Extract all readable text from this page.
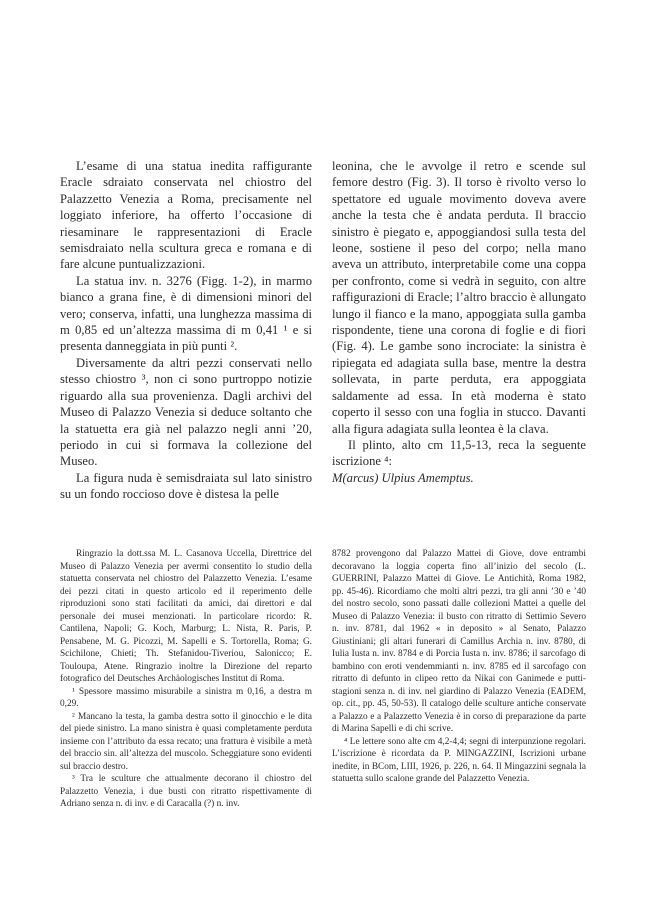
L’esame di una statua inedita raffigurante Eracle sdraiato conservata nel chiostro del Palazzetto Venezia a Roma, precisamente nel loggiato inferiore, ha offerto l’occasione di riesaminare le rappresentazioni di Eracle semisdraiato nella scultura greca e romana e di fare alcune puntualizzazioni.

La statua inv. n. 3276 (Figg. 1-2), in marmo bianco a grana fine, è di dimensioni minori del vero; conserva, infatti, una lunghezza massima di m 0,85 ed un’altezza massima di m 0,41 ¹ e si presenta danneggiata in più punti ².

Diversamente da altri pezzi conservati nello stesso chiostro ³, non ci sono purtroppo notizie riguardo alla sua provenienza. Dagli archivi del Museo di Palazzo Venezia si deduce soltanto che la statuetta era già nel palazzo negli anni ’20, periodo in cui si formava la collezione del Museo.

La figura nuda è semisdraiata sul lato sinistro su un fondo roccioso dove è distesa la pelle

leonina, che le avvolge il retro e scende sul femore destro (Fig. 3). Il torso è rivolto verso lo spettatore ed uguale movimento doveva avere anche la testa che è andata perduta. Il braccio sinistro è piegato e, appoggiandosi sulla testa del leone, sostiene il peso del corpo; nella mano aveva un attributo, interpretabile come una coppa per confronto, come si vedrà in seguito, con altre raffigurazioni di Eracle; l’altro braccio è allungato lungo il fianco e la mano, appoggiata sulla gamba rispondente, tiene una corona di foglie e di fiori (Fig. 4). Le gambe sono incrociate: la sinistra è ripiegata ed adagiata sulla base, mentre la destra sollevata, in parte perduta, era appoggiata saldamente ad essa. In età moderna è stato coperto il sesso con una foglia in stucco. Davanti alla figura adagiata sulla leontea è la clava.

Il plinto, alto cm 11,5-13, reca la seguente iscrizione ⁴:

M(arcus) Ulpius Amemptus.

Ringrazio la dott.ssa M. L. Casanova Uccella, Direttrice del Museo di Palazzo Venezia per avermi consentito lo studio della statuetta conservata nel chiostro del Palazzetto Venezia. L’esame dei pezzi citati in questo articolo ed il reperimento delle riproduzioni sono stati facilitati da amici, dai direttori e dal personale dei musei menzionati. In particolare ricordo: R. Cantilena, Napoli; G. Koch, Marburg; L. Nista, R. Paris, P. Pensabene, M. G. Picozzi, M. Sapelli e S. Tortorella, Roma; G. Scichilone, Chieti; Th. Stefanidou-Tiveriou, Salonicco; E. Touloupa, Atene. Ringrazio inoltre la Direzione del reparto fotografico del Deutsches Archäologisches Institut di Roma.

¹ Spessore massimo misurabile a sinistra m 0,16, a destra m 0,29.

² Mancano la testa, la gamba destra sotto il ginocchio e le dita del piede sinistro. La mano sinistra è quasi completamente perduta insieme con l’attributo da essa recato; una frattura è visibile a metà del braccio sin. all’altezza del muscolo. Scheggiature sono evidenti sul braccio destro.

³ Tra le sculture che attualmente decorano il chiostro del Palazzetto Venezia, i due busti con ritratto rispettivamente di Adriano senza n. di inv. e di Caracalla (?) n. inv.

8782 provengono dal Palazzo Mattei di Giove, dove entrambi decoravano la loggia coperta fino all’inizio del secolo (L. GUERRINI, Palazzo Mattei di Giove. Le Antichità, Roma 1982, pp. 45-46). Ricordiamo che molti altri pezzi, tra gli anni ’30 e ’40 del nostro secolo, sono passati dalle collezioni Mattei a quelle del Museo di Palazzo Venezia: il busto con ritratto di Settimio Severo n. inv. 8781, dal 1962 « in deposito » al Senato, Palazzo Giustiniani; gli altari funerari di Camillus Archia n. inv. 8780, di Iulia Iusta n. inv. 8784 e di Porcia Iusta n. inv. 8786; il sarcofago di bambino con eroti vendemmianti n. inv. 8785 ed il sarcofago con ritratto di defunto in clipeo retto da Nikai con Ganimede e putti-stagioni senza n. di inv. nel giardino di Palazzo Venezia (EADEM, op. cit., pp. 45, 50-53). Il catalogo delle sculture antiche conservate a Palazzo e a Palazzetto Venezia è in corso di preparazione da parte di Marina Sapelli e di chi scrive.

⁴ Le lettere sono alte cm 4,2-4,4; segni di interpunzione regolari. L’iscrizione è ricordata da P. MINGAZZINI, Iscrizioni urbane inedite, in BCom, LIII, 1926, p. 226, n. 64. Il Mingazzini segnala la statuetta sullo scalone grande del Palazzetto Venezia.
